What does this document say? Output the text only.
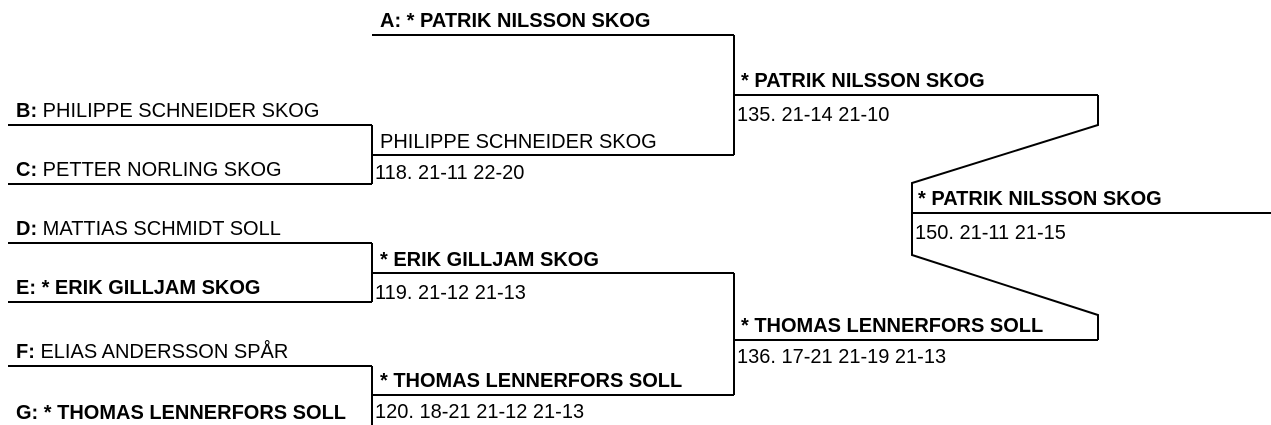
A: * PATRIK NILSSON SKOG
B: PHILIPPE SCHNEIDER SKOG
C: PETTER NORLING SKOG
D: MATTIAS SCHMIDT SOLL
E: * ERIK GILLJAM SKOG
F: ELIAS ANDERSSON SPÅR
G: * THOMAS LENNERFORS SOLL
PHILIPPE SCHNEIDER SKOG
118. 21-11 22-20
* ERIK GILLJAM SKOG
119. 21-12 21-13
* THOMAS LENNERFORS SOLL
120. 18-21 21-12 21-13
* PATRIK NILSSON SKOG
135. 21-14 21-10
* THOMAS LENNERFORS SOLL
136. 17-21 21-19 21-13
* PATRIK NILSSON SKOG
150. 21-11 21-15
